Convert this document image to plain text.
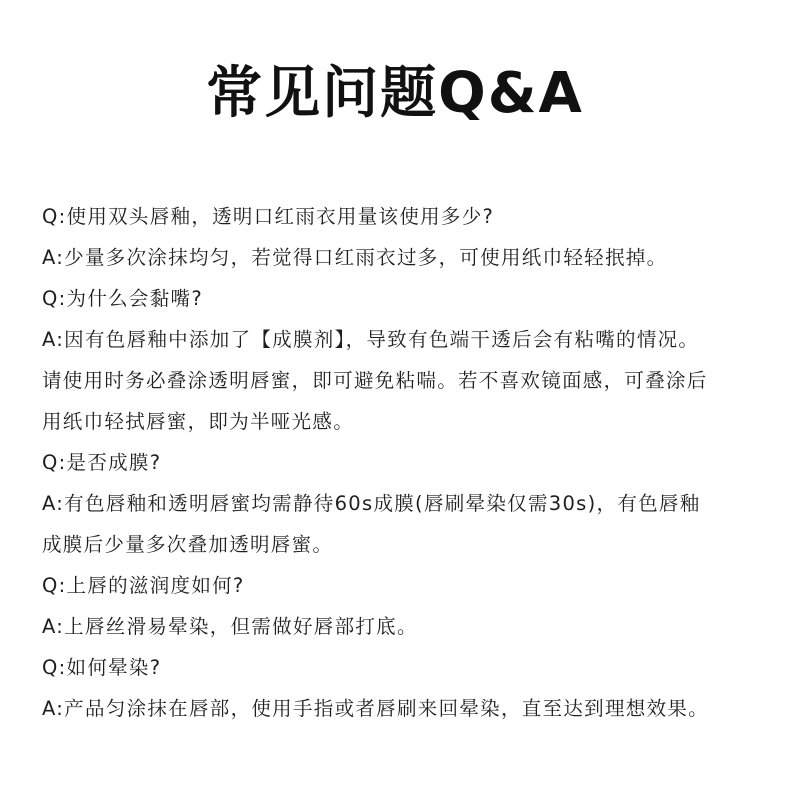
常见问题Q&A

Q:使用双头唇釉，透明口红雨衣用量该使用多少?

A:少量多次涂抹均匀，若觉得口红雨衣过多，可使用纸巾轻轻抿掉。

Q:为什么会黏嘴?

A:因有色唇釉中添加了【成膜剂】，导致有色端干透后会有粘嘴的情况。

请使用时务必叠涂透明唇蜜，即可避免粘喘。若不喜欢镜面感，可叠涂后

用纸巾轻拭唇蜜，即为半哑光感。

Q:是否成膜?

A:有色唇釉和透明唇蜜均需静待60s成膜(唇刷晕染仅需30s)，有色唇釉

成膜后少量多次叠加透明唇蜜。

Q:上唇的滋润度如何?

A:上唇丝滑易晕染，但需做好唇部打底。

Q:如何晕染?

A:产品匀涂抹在唇部，使用手指或者唇刷来回晕染，直至达到理想效果。
